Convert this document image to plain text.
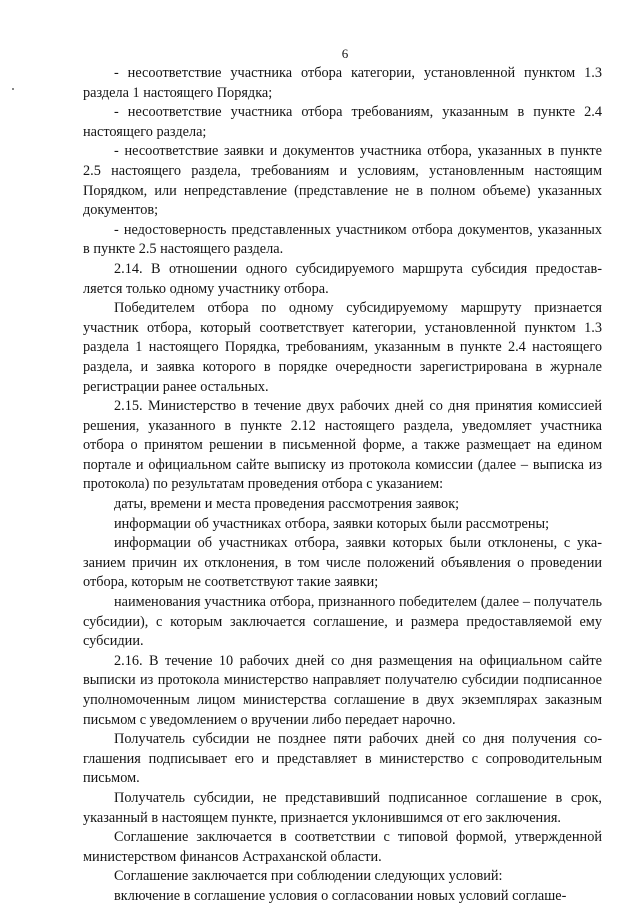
6

- несоответствие участника отбора категории, установленной пунктом 1.3 раздела 1 настоящего Порядка;

- несоответствие участника отбора требованиям, указанным в пункте 2.4 настоящего раздела;

- несоответствие заявки и документов участника отбора, указанных в пункте 2.5 настоящего раздела, требованиям и условиям, установленным настоящим Порядком, или непредставление (представление не в полном объеме) указанных документов;

- недостоверность представленных участником отбора документов, указанных в пункте 2.5 настоящего раздела.

2.14. В отношении одного субсидируемого маршрута субсидия предоставляется только одному участнику отбора.

Победителем отбора по одному субсидируемому маршруту признается участник отбора, который соответствует категории, установленной пунктом 1.3 раздела 1 настоящего Порядка, требованиям, указанным в пункте 2.4 настоящего раздела, и заявка которого в порядке очередности зарегистрирована в журнале регистрации ранее остальных.

2.15. Министерство в течение двух рабочих дней со дня принятия комиссией решения, указанного в пункте 2.12 настоящего раздела, уведомляет участника отбора о принятом решении в письменной форме, а также размещает на едином портале и официальном сайте выписку из протокола комиссии (далее – выписка из протокола) по результатам проведения отбора с указанием:

даты, времени и места проведения рассмотрения заявок;

информации об участниках отбора, заявки которых были рассмотрены;

информации об участниках отбора, заявки которых были отклонены, с указанием причин их отклонения, в том числе положений объявления о проведении отбора, которым не соответствуют такие заявки;

наименования участника отбора, признанного победителем (далее – получатель субсидии), с которым заключается соглашение, и размера предоставляемой ему субсидии.

2.16. В течение 10 рабочих дней со дня размещения на официальном сайте выписки из протокола министерство направляет получателю субсидии подписанное уполномоченным лицом министерства соглашение в двух экземплярах заказным письмом с уведомлением о вручении либо передает нарочно.

Получатель субсидии не позднее пяти рабочих дней со дня получения соглашения подписывает его и представляет в министерство с сопроводительным письмом.

Получатель субсидии, не представивший подписанное соглашение в срок, указанный в настоящем пункте, признается уклонившимся от его заключения.

Соглашение заключается в соответствии с типовой формой, утвержденной министерством финансов Астраханской области.

Соглашение заключается при соблюдении следующих условий:

включение в соглашение условия о согласовании новых условий соглаше-
